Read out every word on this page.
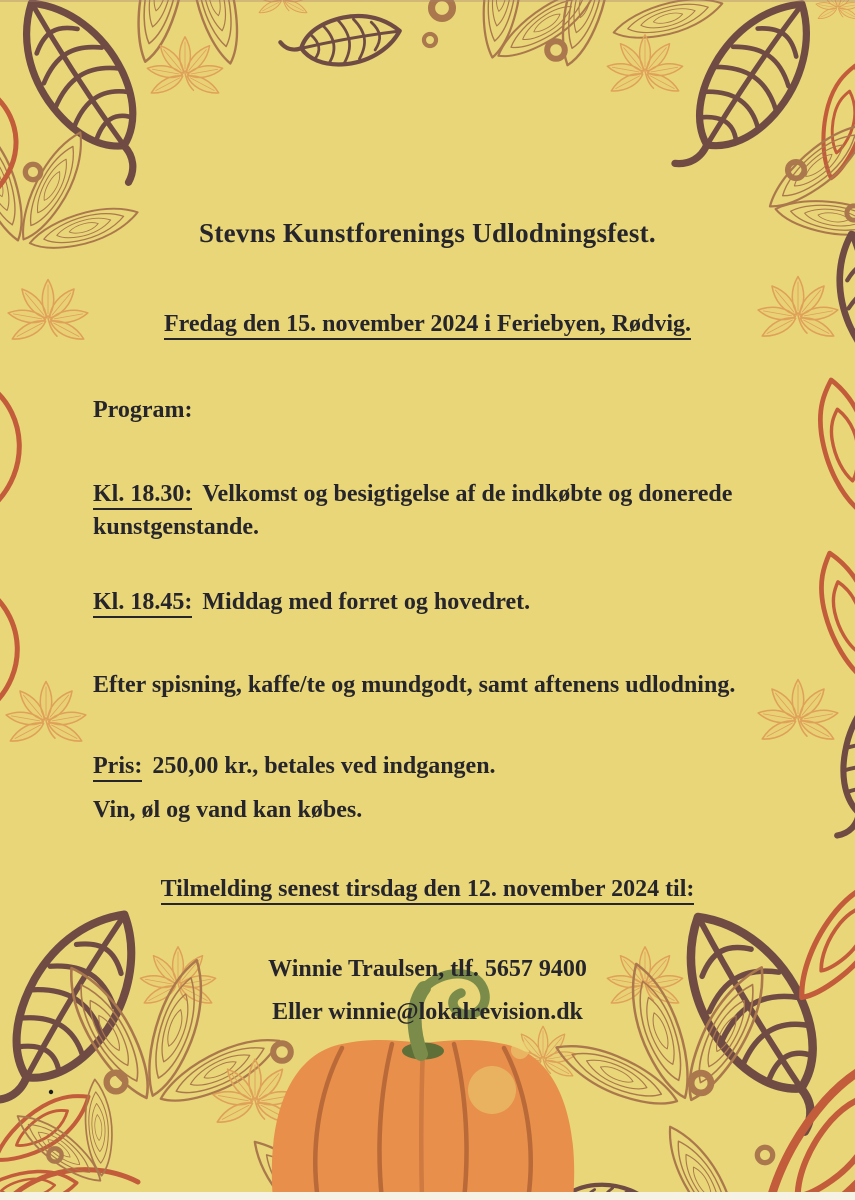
Stevns Kunstforenings Udlodningsfest.

Fredag den 15. november 2024 i Feriebyen, Rødvig.

Program:

Kl. 18.30: Velkomst og besigtigelse af de indkøbte og donerede kunstgenstande.

Kl. 18.45: Middag med forret og hovedret.

Efter spisning, kaffe/te og mundgodt, samt aftenens udlodning.

Pris: 250,00 kr., betales ved indgangen.

Vin, øl og vand kan købes.

Tilmelding senest tirsdag den 12. november 2024 til:

Winnie Traulsen, tlf. 5657 9400

Eller winnie@lokalrevision.dk
